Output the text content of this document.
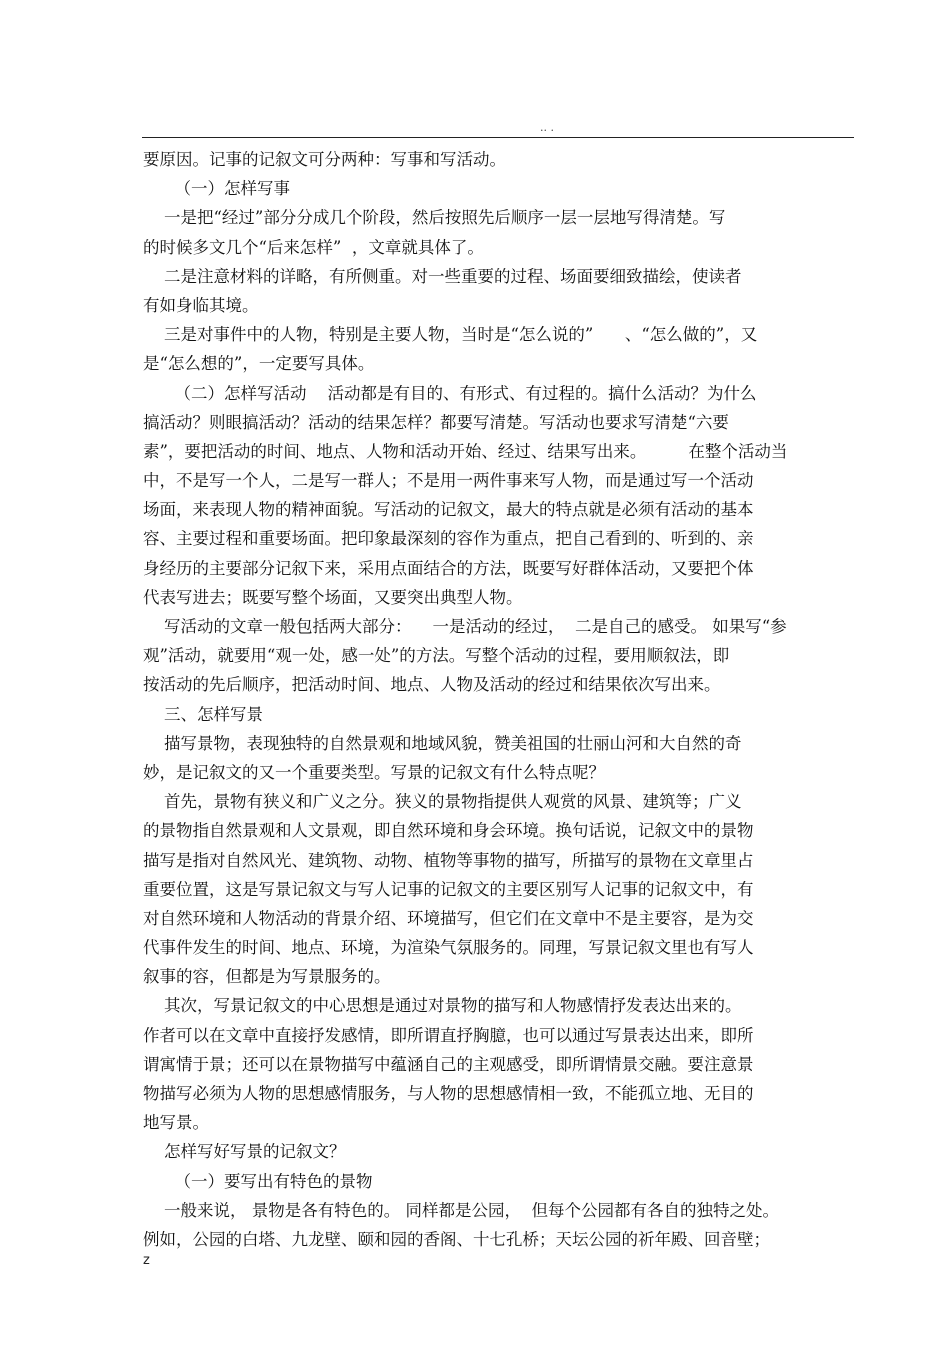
.. .
要原因。记事的记叙文可分两种：写事和写活动。
（一）怎样写事
一是把“经过”部分分成几个阶段，然后按照先后顺序一层一层地写得清楚。写
的时候多文几个“后来怎样”  ，文章就具体了。
二是注意材料的详略，有所侧重。对一些重要的过程、场面要细致描绘，使读者
有如身临其境。
三是对事件中的人物，特别是主要人物，当时是“怎么说的”      、“怎么做的”，又
是“怎么想的”，一定要写具体。
（二）怎样写活动    活动都是有目的、有形式、有过程的。搞什么活动？为什么
搞活动？则眼搞活动？活动的结果怎样？都要写清楚。写活动也要求写清楚“六要
素”，要把活动的时间、地点、人物和活动开始、经过、结果写出来。        在整个活动当
中，不是写一个人，二是写一群人；不是用一两件事来写人物，而是通过写一个活动
场面，来表现人物的精神面貌。写活动的记叙文，最大的特点就是必须有活动的基本
容、主要过程和重要场面。把印象最深刻的容作为重点，把自己看到的、听到的、亲
身经历的主要部分记叙下来，采用点面结合的方法，既要写好群体活动，又要把个体
代表写进去；既要写整个场面，又要突出典型人物。
写活动的文章一般包括两大部分：    一是活动的经过，  二是自己的感受。 如果写“参
观”活动，就要用“观一处，感一处”的方法。写整个活动的过程，要用顺叙法，即
按活动的先后顺序，把活动时间、地点、人物及活动的经过和结果依次写出来。
三、怎样写景
描写景物，表现独特的自然景观和地域风貌，赞美祖国的壮丽山河和大自然的奇
妙，是记叙文的又一个重要类型。写景的记叙文有什么特点呢？
首先，景物有狭义和广义之分。狭义的景物指提供人观赏的风景、建筑等；广义
的景物指自然景观和人文景观，即自然环境和身会环境。换句话说，记叙文中的景物
描写是指对自然风光、建筑物、动物、植物等事物的描写，所描写的景物在文章里占
重要位置，这是写景记叙文与写人记事的记叙文的主要区别写人记事的记叙文中，有
对自然环境和人物活动的背景介绍、环境描写，但它们在文章中不是主要容，是为交
代事件发生的时间、地点、环境，为渲染气氛服务的。同理，写景记叙文里也有写人
叙事的容，但都是为写景服务的。
其次，写景记叙文的中心思想是通过对景物的描写和人物感情抒发表达出来的。
作者可以在文章中直接抒发感情，即所谓直抒胸臆，也可以通过写景表达出来，即所
谓寓情于景；还可以在景物描写中蕴涵自己的主观感受，即所谓情景交融。要注意景
物描写必须为人物的思想感情服务，与人物的思想感情相一致，不能孤立地、无目的
地写景。
怎样写好写景的记叙文？
（一）要写出有特色的景物
一般来说， 景物是各有特色的。 同样都是公园，  但每个公园都有各自的独特之处。
例如，公园的白塔、九龙壁、颐和园的香阁、十七孔桥；天坛公园的祈年殿、回音壁；
z
